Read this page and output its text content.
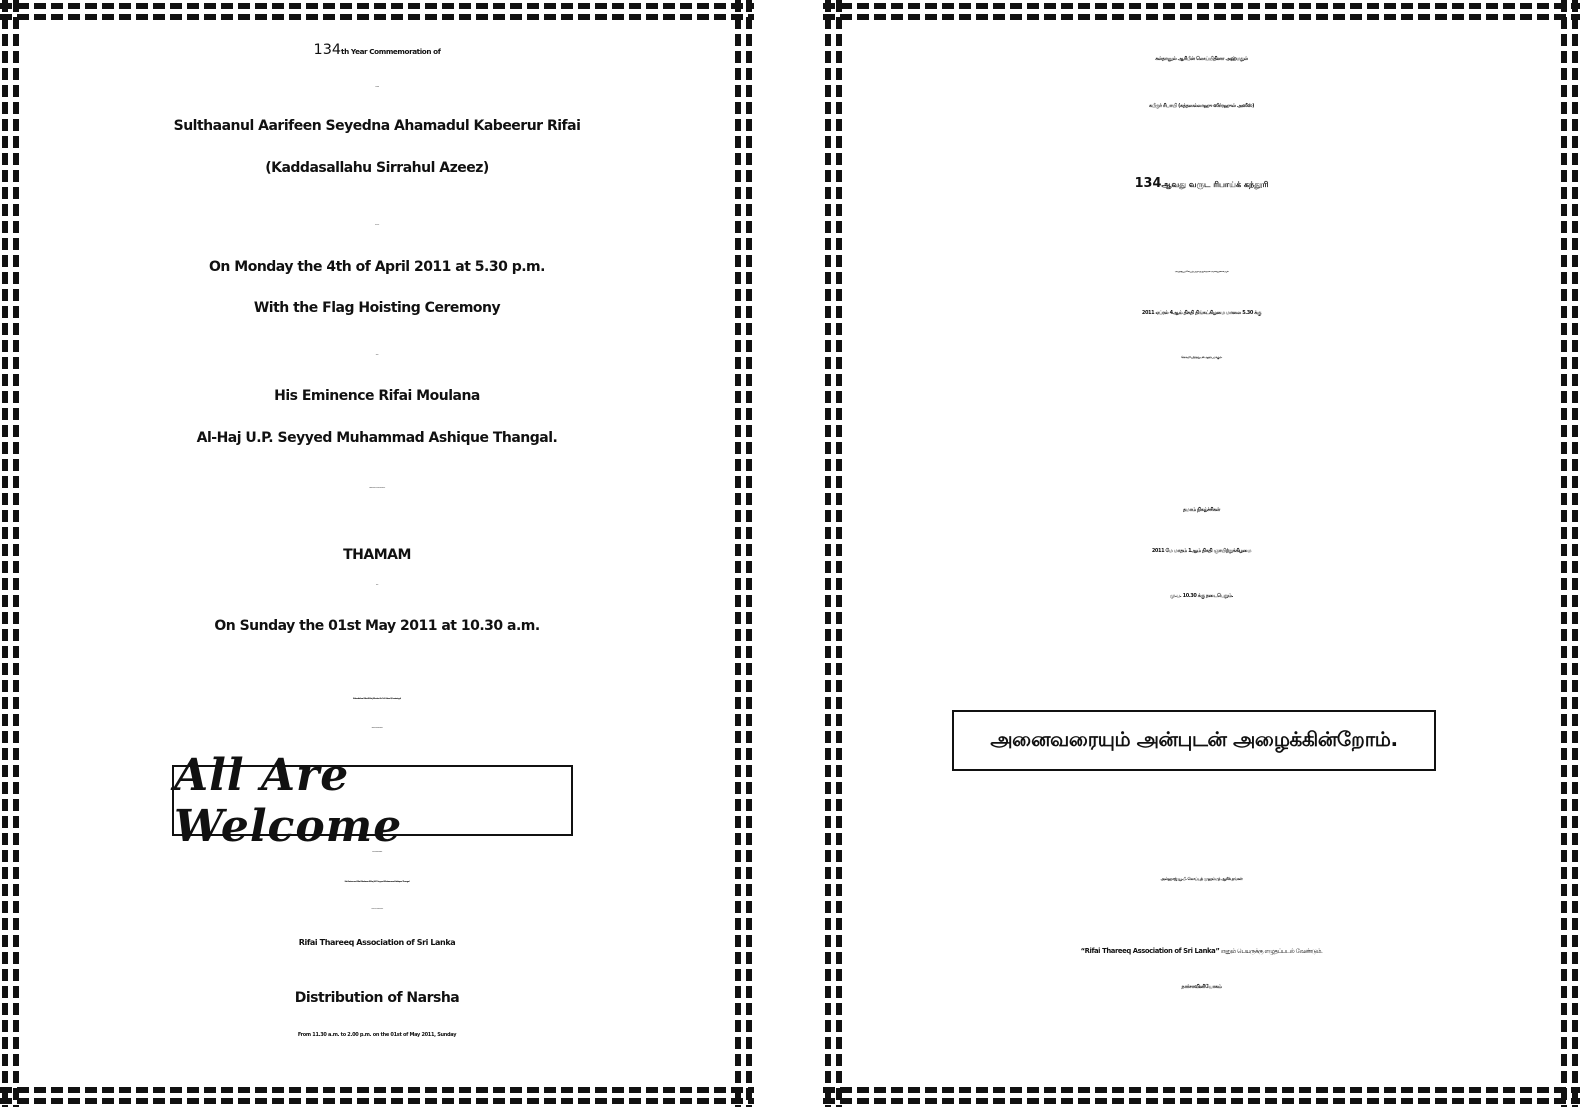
134th Year Commemoration of
His Holiness Saint
Sulthaanul Aarifeen Seyedna Ahamadul Kabeerur Rifai
(Kaddasallahu Sirrahul Azeez)
Will Commence
On Monday the 4th of April 2011 at 5.30 p.m.
With the Flag Hoisting Ceremony
Presided by
His Eminence Rifai Moulana
Al-Haj U.P. Seyyed Muhammad Ashique Thangal.
Recital of Rifai Mowlood Will Commence After Maghrib Prayers for 11 Days
THAMAM
will be held
On Sunday the 01st May 2011 at 10.30 a.m.
Kaleefathur Rifai Al-Haj Moulavi A.C.A. Faleel (Cassimiyyi)
Will deliver the speech on the significane of this occasion.
All Are Welcome
Please hand over all donations and till collections to
His Eminence Rifai Moulana Al Haj U.P. Seyyed Muhammad Ashique Thangal
Cheques and money Orders to be drawn in favour of
Rifai Thareeq Association of Sri Lanka
Distribution of Narsha
From 11.30 a.m. to 2.00 p.m. on the 01st of May 2011, Sunday
சுல்தானுல் ஆரிபீன் ஸெய்யிதினா அஹ்மதுல்
கபீருர் ரிபாயி (கத்தஸல்லாஹு ஸிர்ரஹுல் அஸீஸ்)
134ஆவது வருட ரிபாய்க் கந்தூரி
அல்ஹாஜ் யூ.பி. ஸெய்யித் முஹம்மத் ஆசிக் தங்கள் அவர்களது தலைமையில்
2011 ஏப்ரல் 4ஆம் திகதி திங்கட்கிழமை மாலை 5.30 க்கு
கொடியேற்றத்துடன் ஆரம்பமாகும்.
தமாம் நிகழ்ச்சிகள்
2011 மே மாதம் 1ஆம் திகதி ஞாயிற்றுக்கிழமை
மு.ப. 10.30 க்கு நடைபெறும்.
அனைவரையும் அன்புடன் அழைக்கின்றோம்.
அல்ஹாஜ் யூ.பீ. ஸெய்யத் முஹம்மத் ஆசிக் தங்கள்
“Rifai Thareeq Association of Sri Lanka” எனும் பெயருக்கு எழுதப்படல் வேண்டும்.
நார்சாவினியோகம்
